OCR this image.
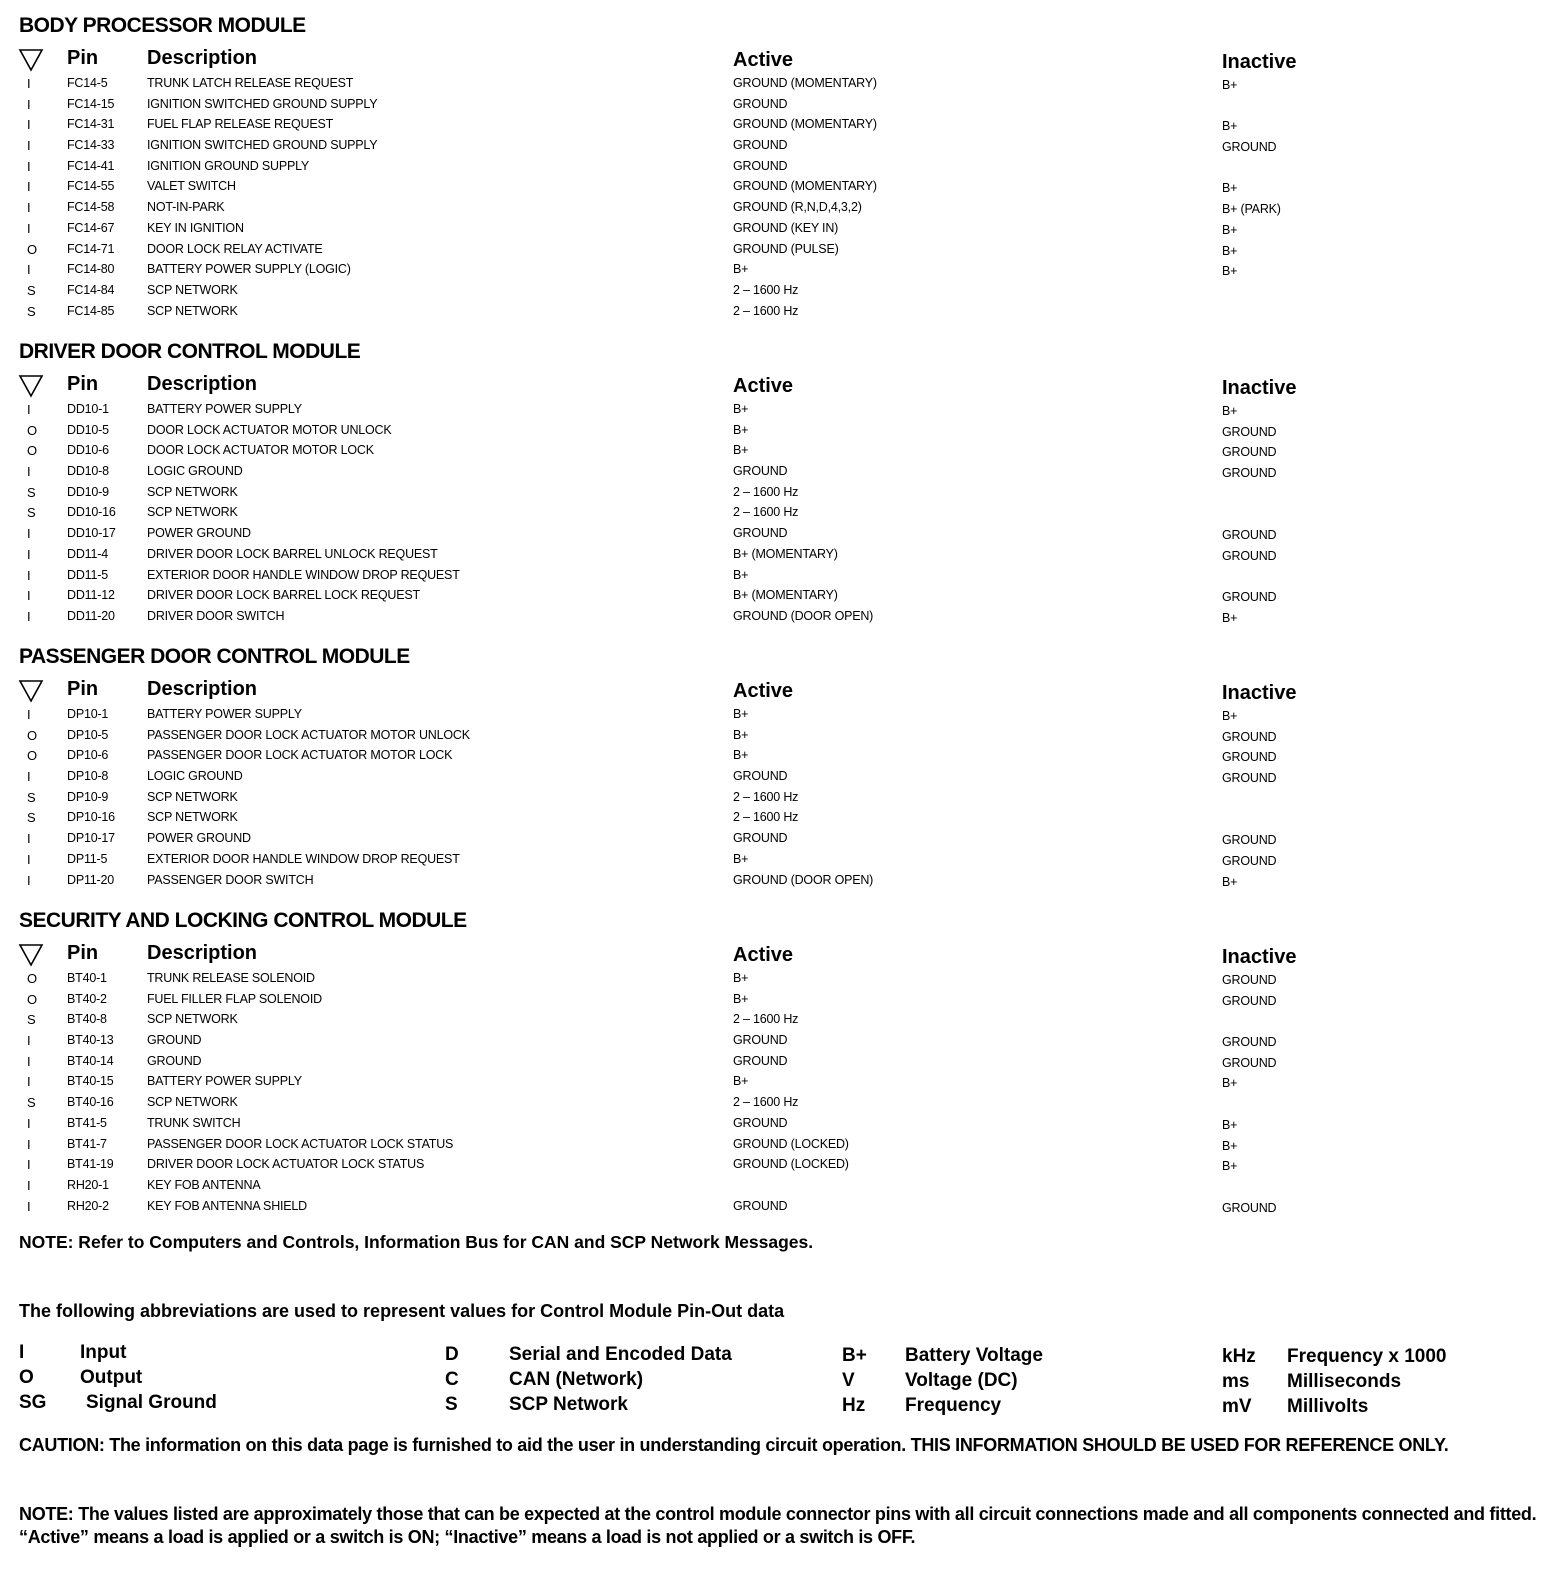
BODY PROCESSOR MODULE
Pin Description	Active	Inactive
I	FC14-5	TRUNK LATCH RELEASE REQUEST	GROUND (MOMENTARY)	B+
I	FC14-15	IGNITION SWITCHED GROUND SUPPLY	GROUND
I	FC14-31	FUEL FLAP RELEASE REQUEST	GROUND (MOMENTARY)	B+
I	FC14-33	IGNITION SWITCHED GROUND SUPPLY	GROUND	GROUND
I	FC14-41	IGNITION GROUND SUPPLY	GROUND
I	FC14-55	VALET SWITCH	GROUND (MOMENTARY)	B+
I	FC14-58	NOT-IN-PARK	GROUND (R,N,D,4,3,2)	B+ (PARK)
I	FC14-67	KEY IN IGNITION	GROUND (KEY IN)	B+
O FC14-71	DOOR LOCK RELAY ACTIVATE	GROUND (PULSE)	B+
I	FC14-80	BATTERY POWER SUPPLY (LOGIC)	B+	B+
S	FC14-84	SCP NETWORK	2 – 1600 Hz
S	FC14-85	SCP NETWORK	2 – 1600 Hz
DRIVER DOOR CONTROL MODULE
Pin Description	Active	Inactive
I	DD10-1	BATTERY POWER SUPPLY	B+	B+
O DD10-5	DOOR LOCK ACTUATOR MOTOR UNLOCK	B+	GROUND
O DD10-6	DOOR LOCK ACTUATOR MOTOR LOCK	B+	GROUND
I	DD10-8	LOGIC GROUND	GROUND	GROUND
S	DD10-9	SCP NETWORK	2 – 1600 Hz
S	DD10-16	SCP NETWORK	2 – 1600 Hz
I	DD10-17	POWER GROUND	GROUND	GROUND
I	DD11-4	DRIVER DOOR LOCK BARREL UNLOCK REQUEST	B+ (MOMENTARY)	GROUND
I	DD11-5	EXTERIOR DOOR HANDLE WINDOW DROP REQUEST	B+
I	DD11-12	DRIVER DOOR LOCK BARREL LOCK REQUEST	B+ (MOMENTARY)	GROUND
I	DD11-20	DRIVER DOOR SWITCH	GROUND (DOOR OPEN)	B+
PASSENGER DOOR CONTROL MODULE
Pin Description	Active	Inactive
I	DP10-1	BATTERY POWER SUPPLY	B+	B+
O DP10-5	PASSENGER DOOR LOCK ACTUATOR MOTOR UNLOCK	B+	GROUND
O DP10-6	PASSENGER DOOR LOCK ACTUATOR MOTOR LOCK	B+	GROUND
I	DP10-8	LOGIC GROUND	GROUND	GROUND
S	DP10-9	SCP NETWORK	2 – 1600 Hz
S	DP10-16	SCP NETWORK	2 – 1600 Hz
I	DP10-17	POWER GROUND	GROUND	GROUND
I	DP11-5	EXTERIOR DOOR HANDLE WINDOW DROP REQUEST	B+	GROUND
I	DP11-20	PASSENGER DOOR SWITCH	GROUND (DOOR OPEN)	B+
SECURITY AND LOCKING CONTROL MODULE
Pin Description	Active	Inactive
O BT40-1	TRUNK RELEASE SOLENOID	B+	GROUND
O BT40-2	FUEL FILLER FLAP SOLENOID	B+	GROUND
S	BT40-8	SCP NETWORK	2 – 1600 Hz
I	BT40-13	GROUND	GROUND	GROUND
I	BT40-14	GROUND	GROUND	GROUND
I	BT40-15	BATTERY POWER SUPPLY	B+	B+
S	BT40-16	SCP NETWORK	2 – 1600 Hz
I	BT41-5	TRUNK SWITCH	GROUND	B+
I	BT41-7	PASSENGER DOOR LOCK ACTUATOR LOCK STATUS	GROUND (LOCKED)	B+
I	BT41-19	DRIVER DOOR LOCK ACTUATOR LOCK STATUS	GROUND (LOCKED)	B+
I	RH20-1	KEY FOB ANTENNA
I	RH20-2	KEY FOB ANTENNA SHIELD	GROUND	GROUND
NOTE: Refer to Computers and Controls, Information Bus for CAN and SCP Network Messages.
The following abbreviations are used to represent values for Control Module Pin-Out data
I	Input
O Output
SG Signal Ground
D	Serial and Encoded Data
C	CAN (Network)
S	SCP Network
B+ Battery Voltage
V	Voltage (DC)
Hz Frequency
kHz Frequency x 1000
ms Milliseconds
mV Millivolts
CAUTION: The information on this data page is furnished to aid the user in understanding circuit operation. THIS INFORMATION SHOULD BE USED FOR REFERENCE ONLY.
NOTE: The values listed are approximately those that can be expected at the control module connector pins with all circuit connections made and all components connected and fitted. “Active” means a load is applied or a switch is ON; “Inactive” means a load is not applied or a switch is OFF.
